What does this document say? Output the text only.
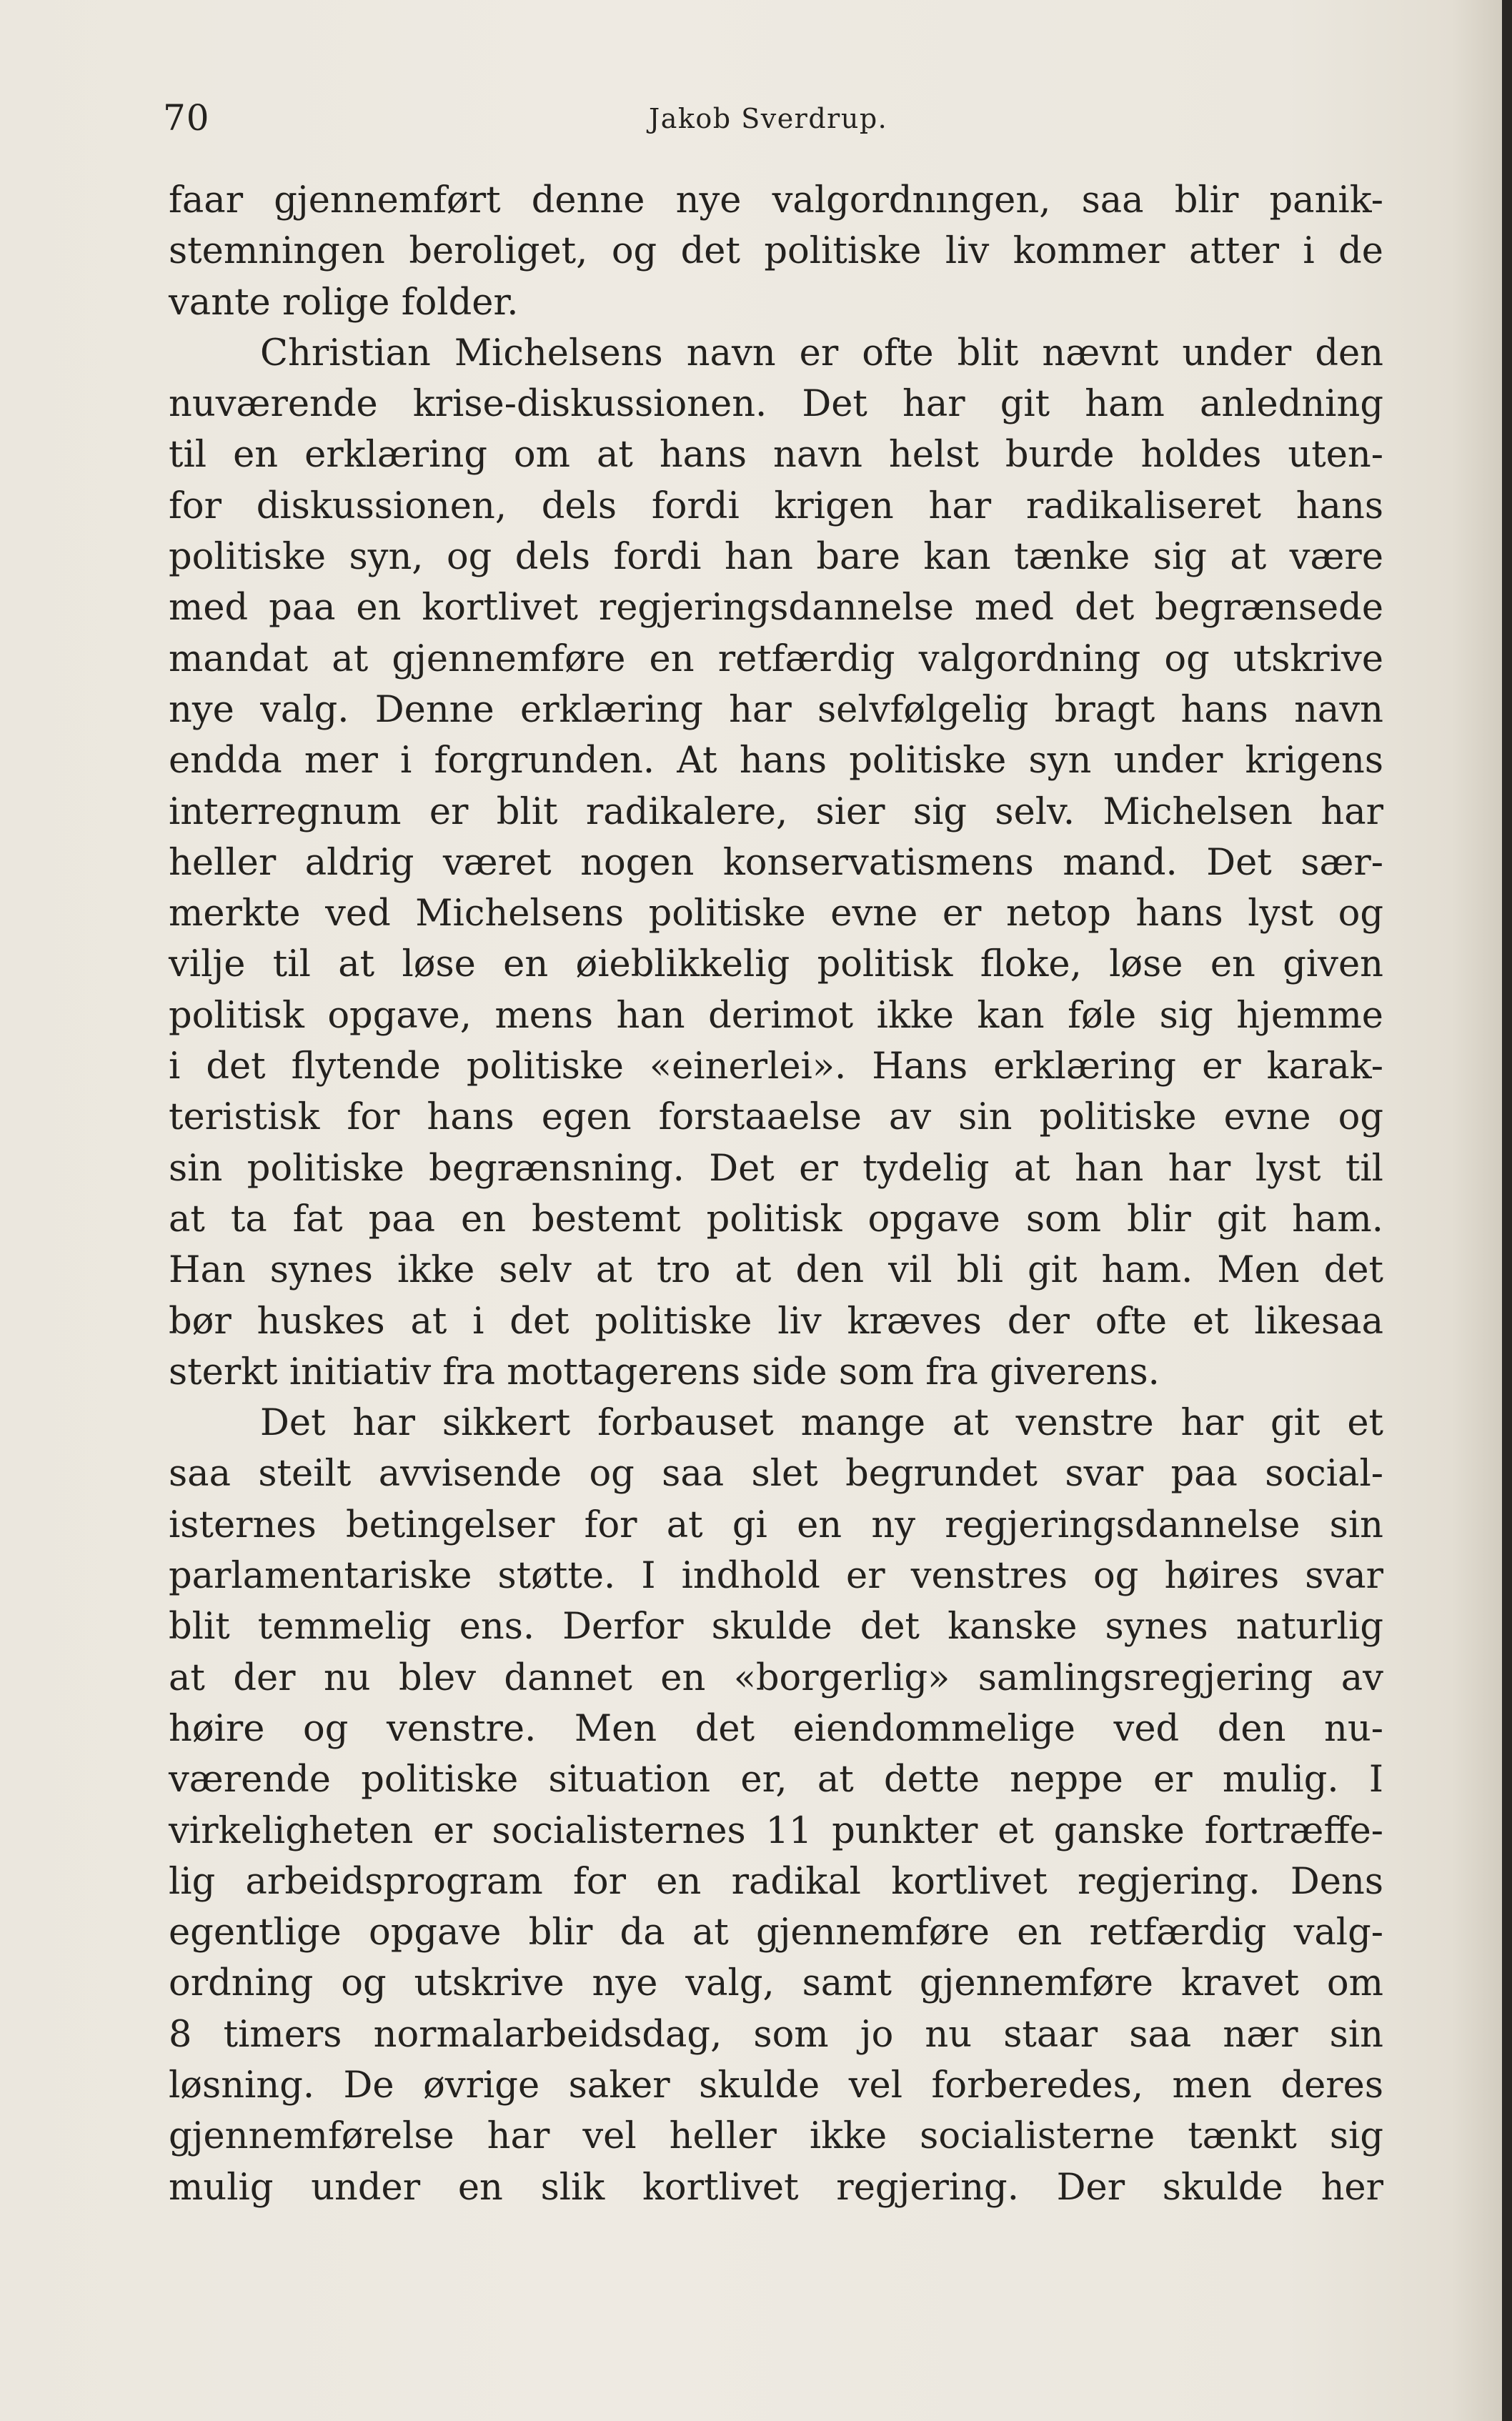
70	Jakob Sverdrup.
faar gjennemført denne nye valgordnıngen, saa blir panik-
stemningen beroliget, og det politiske liv kommer atter i de
vante rolige folder.
Christian Michelsens navn er ofte blit nævnt under den
nuværende krise-diskussionen. Det har git ham anledning
til en erklæring om at hans navn helst burde holdes uten-
for diskussionen, dels fordi krigen har radikaliseret hans
politiske syn, og dels fordi han bare kan tænke sig at være
med paa en kortlivet regjeringsdannelse med det begrænsede
mandat at gjennemføre en retfærdig valgordning og utskrive
nye valg. Denne erklæring har selvfølgelig bragt hans navn
endda mer i forgrunden. At hans politiske syn under krigens
interregnum er blit radikalere, sier sig selv. Michelsen har
heller aldrig været nogen konservatismens mand. Det sær-
merkte ved Michelsens politiske evne er netop hans lyst og
vilje til at løse en øieblikkelig politisk floke, løse en given
politisk opgave, mens han derimot ikke kan føle sig hjemme
i det flytende politiske «einerlei». Hans erklæring er karak-
teristisk for hans egen forstaaelse av sin politiske evne og
sin politiske begrænsning. Det er tydelig at han har lyst til
at ta fat paa en bestemt politisk opgave som blir git ham.
Han synes ikke selv at tro at den vil bli git ham. Men det
bør huskes at i det politiske liv kræves der ofte et likesaa
sterkt initiativ fra mottagerens side som fra giverens.
Det har sikkert forbauset mange at venstre har git et
saa steilt avvisende og saa slet begrundet svar paa social-
isternes betingelser for at gi en ny regjeringsdannelse sin
parlamentariske støtte. I indhold er venstres og høires svar
blit temmelig ens. Derfor skulde det kanske synes naturlig
at der nu blev dannet en «borgerlig» samlingsregjering av
høire og venstre. Men det eiendommelige ved den nu-
værende politiske situation er, at dette neppe er mulig. I
virkeligheten er socialisternes 11 punkter et ganske fortræffe-
lig arbeidsprogram for en radikal kortlivet regjering. Dens
egentlige opgave blir da at gjennemføre en retfærdig valg-
ordning og utskrive nye valg, samt gjennemføre kravet om
8 timers normalarbeidsdag, som jo nu staar saa nær sin
løsning. De øvrige saker skulde vel forberedes, men deres
gjennemførelse har vel heller ikke socialisterne tænkt sig
mulig under en slik kortlivet regjering. Der skulde her
